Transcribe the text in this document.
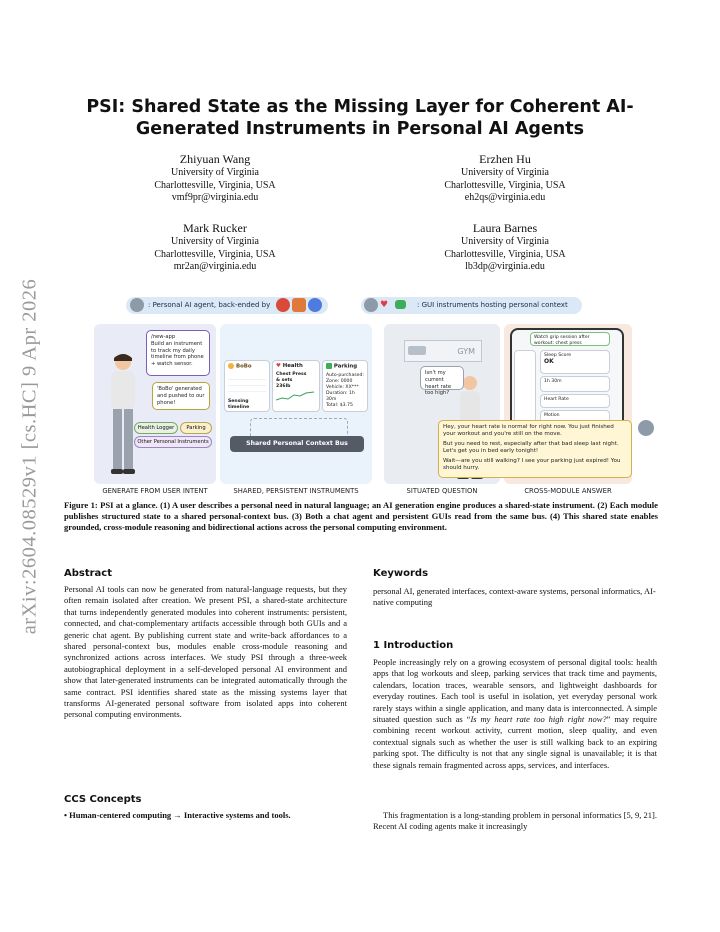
arXiv:2604.08529v1 [cs.HC] 9 Apr 2026
PSI: Shared State as the Missing Layer for Coherent AI-Generated Instruments in Personal AI Agents
Zhiyuan Wang
University of Virginia
Charlottesville, Virginia, USA
vmf9pr@virginia.edu
Erzhen Hu
University of Virginia
Charlottesville, Virginia, USA
eh2qs@virginia.edu
Mark Rucker
University of Virginia
Charlottesville, Virginia, USA
mr2an@virginia.edu
Laura Barnes
University of Virginia
Charlottesville, Virginia, USA
lb3dp@virginia.edu
: Personal AI agent, back-ended by	: GUI instruments hosting personal context
♥
/new-app
Build an instrument to track my daily timeline from phone + watch sensor.
'BoBo' generated and pushed to our phone!
Health Logger	Parking
Other Personal Instruments
BoBo
Sensing timeline
♥ Health
Chest Press
& sets
236lb
Parking
Auto-purchased:
Zone: 0000
Vehicle: XX***
Duration: 1h 30m
Total: $3.75
Shared Personal Context Bus
GYM
Isn't my current heart rate too high?
Watch grip session after workout: chest press
Sleep Score
OK
1h 30m
Heart Rate
Motion
Hey, your heart rate is normal for right now. You just finished your workout and you're still on the move.
But you need to rest, especially after that bad sleep last night. Let's get you in bed early tonight!
Wait—are you still walking? I see your parking just expired! You should hurry.
GENERATE FROM USER INTENT	SHARED, PERSISTENT INSTRUMENTS	SITUATED QUESTION	CROSS-MODULE ANSWER
Figure 1: PSI at a glance. (1) A user describes a personal need in natural language; an AI generation engine produces a shared-state instrument. (2) Each module publishes structured state to a shared personal-context bus. (3) Both a chat agent and persistent GUIs read from the same bus. (4) This shared state enables grounded, cross-module reasoning and bidirectional actions across the personal computing environment.
Abstract
Personal AI tools can now be generated from natural-language requests, but they often remain isolated after creation. We present PSI, a shared-state architecture that turns independently generated modules into coherent instruments: persistent, connected, and chat-complementary artifacts accessible through both GUIs and a generic chat agent. By publishing current state and write-back affordances to a shared personal-context bus, modules enable cross-module reasoning and synchronized actions across interfaces. We study PSI through a three-week autobiographical deployment in a self-developed personal AI environment and show that later-generated instruments can be integrated automatically through the same contract. PSI identifies shared state as the missing systems layer that transforms AI-generated personal software from isolated apps into coherent personal computing environments.
CCS Concepts
• Human-centered computing → Interactive systems and tools.
Keywords
personal AI, generated interfaces, context-aware systems, personal informatics, AI-native computing
1 Introduction
People increasingly rely on a growing ecosystem of personal digital tools: health apps that log workouts and sleep, parking services that track time and payments, calendars, location traces, wearable sensors, and lightweight dashboards for everyday routines. Each tool is useful in isolation, yet everyday personal work rarely stays within a single application, and many data is interconnected. A simple situated question such as “Is my heart rate too high right now?” may require combining recent workout activity, current motion, sleep quality, and even contextual signals such as whether the user is still walking back to an expiring parking spot. The difficulty is not that any single signal is unavailable; it is that these signals remain fragmented across apps, services, and interfaces.
This fragmentation is a long-standing problem in personal informatics [5, 9, 21]. Recent AI coding agents make it increasingly
